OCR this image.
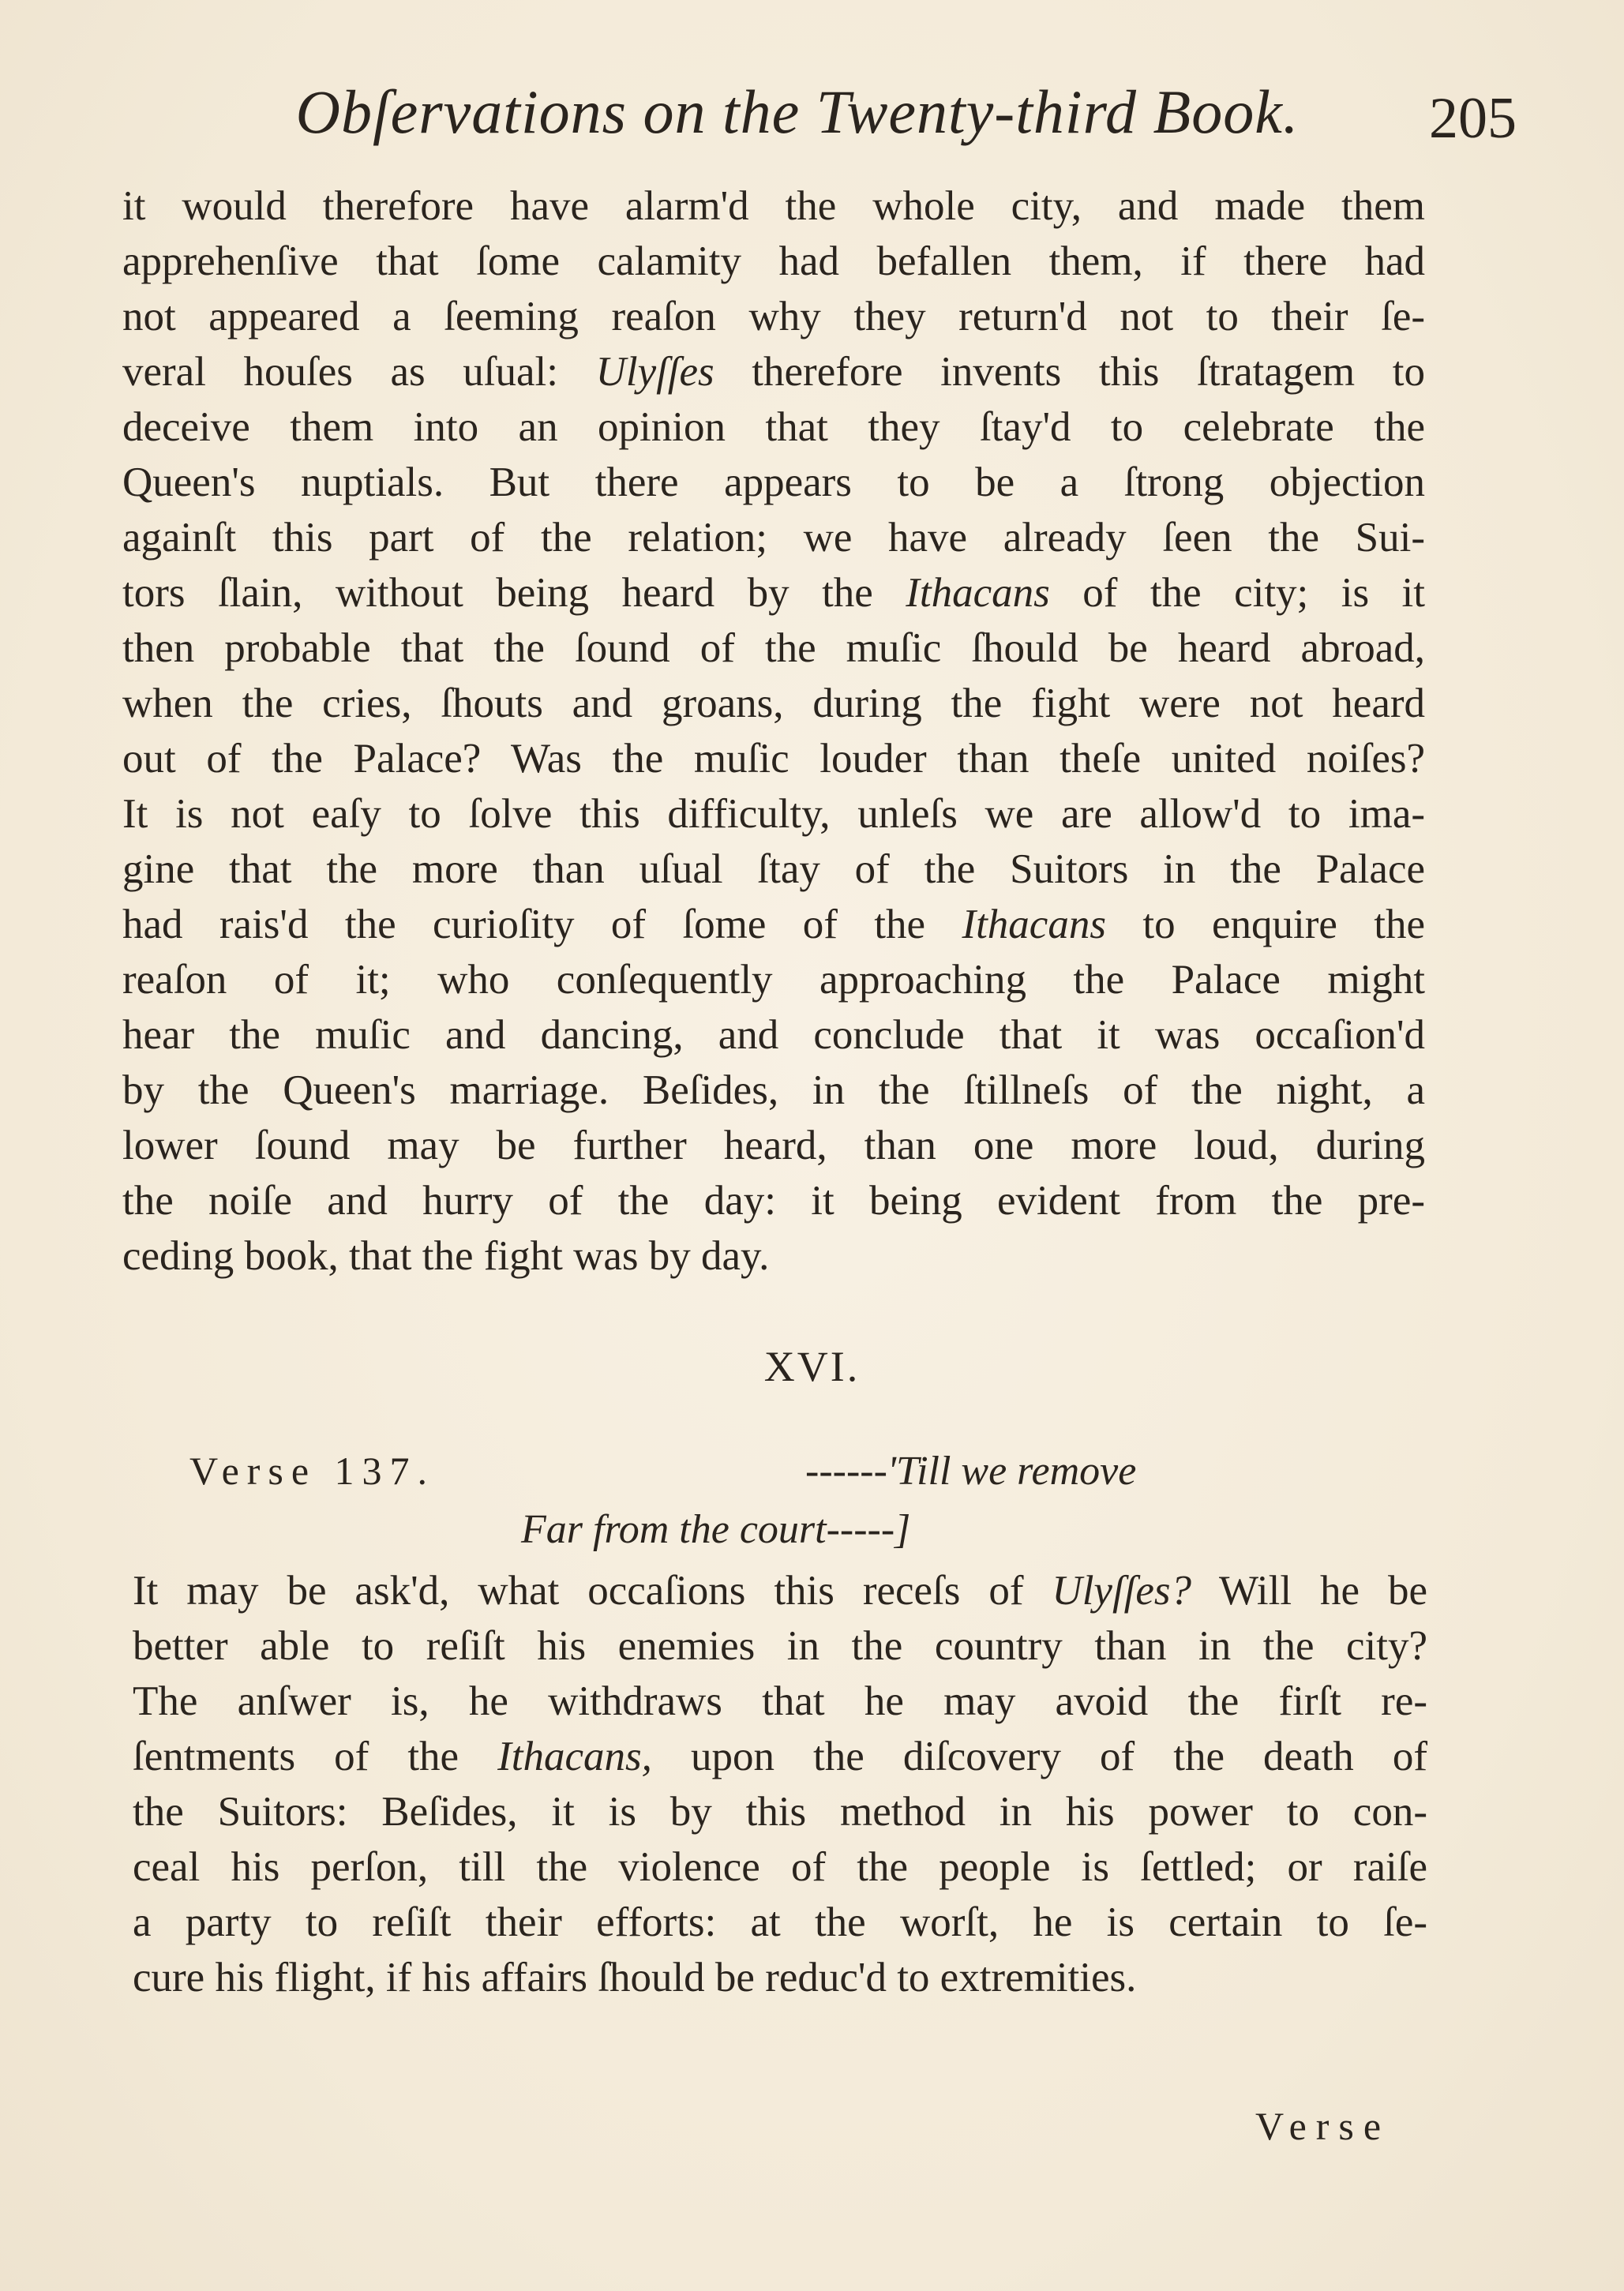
Obſervations on the Twenty-third Book. 205
it would therefore have alarm'd the whole city, and made them
apprehenſive that ſome calamity had befallen them, if there had
not appeared a ſeeming reaſon why they return'd not to their ſe-
veral houſes as uſual: Ulyſſes therefore invents this ſtratagem to
deceive them into an opinion that they ſtay'd to celebrate the
Queen's nuptials. But there appears to be a ſtrong objection
againſt this part of the relation; we have already ſeen the Sui-
tors ſlain, without being heard by the Ithacans of the city; is it
then probable that the ſound of the muſic ſhould be heard abroad,
when the cries, ſhouts and groans, during the fight were not heard
out of the Palace? Was the muſic louder than theſe united noiſes?
It is not eaſy to ſolve this difficulty, unleſs we are allow'd to ima-
gine that the more than uſual ſtay of the Suitors in the Palace
had rais'd the curioſity of ſome of the Ithacans to enquire the
reaſon of it; who conſequently approaching the Palace might
hear the muſic and dancing, and conclude that it was occaſion'd
by the Queen's marriage. Beſides, in the ſtillneſs of the night, a
lower ſound may be further heard, than one more loud, during
the noiſe and hurry of the day: it being evident from the pre-
ceding book, that the fight was by day.
XVI.
Verse 137.	------'Till we remove
Far from the court-----]
It may be ask'd, what occaſions this receſs of Ulyſſes? Will he be
better able to reſiſt his enemies in the country than in the city?
The anſwer is, he withdraws that he may avoid the firſt re-
ſentments of the Ithacans, upon the diſcovery of the death of
the Suitors: Beſides, it is by this method in his power to con-
ceal his perſon, till the violence of the people is ſettled; or raiſe
a party to reſiſt their efforts: at the worſt, he is certain to ſe-
cure his flight, if his affairs ſhould be reduc'd to extremities.
Verse
